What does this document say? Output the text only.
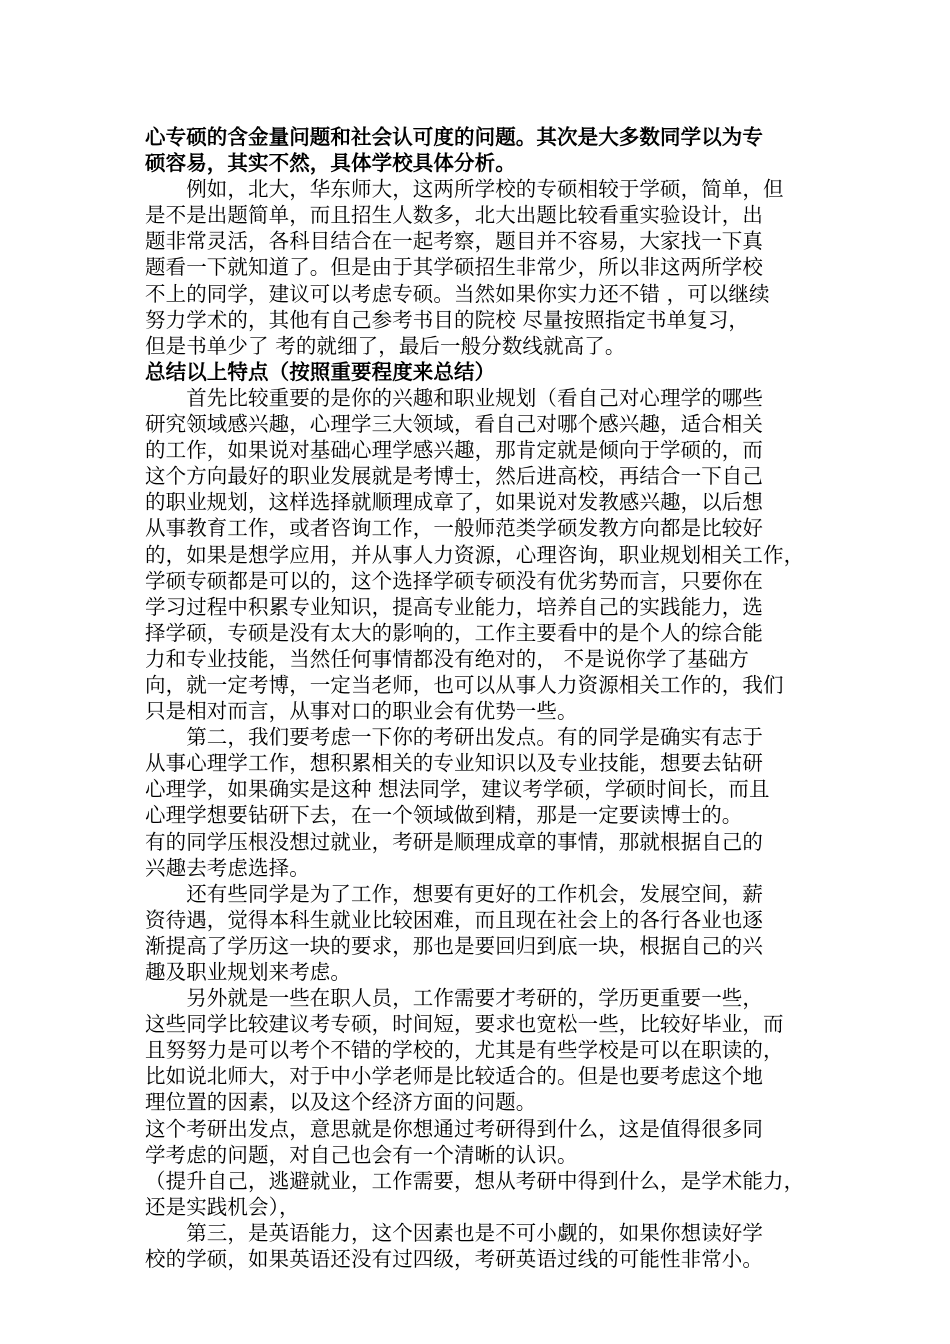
心专硕的含金量问题和社会认可度的问题。其次是大多数同学以为专
硕容易，其实不然，具体学校具体分析。
　　例如，北大，华东师大，这两所学校的专硕相较于学硕，简单，但
是不是出题简单，而且招生人数多，北大出题比较看重实验设计，出
题非常灵活，各科目结合在一起考察，题目并不容易，大家找一下真
题看一下就知道了。但是由于其学硕招生非常少，所以非这两所学校
不上的同学，建议可以考虑专硕。当然如果你实力还不错 ，可以继续
努力学术的，其他有自己参考书目的院校 尽量按照指定书单复习，
但是书单少了 考的就细了，最后一般分数线就高了。
总结以上特点（按照重要程度来总结）
　　首先比较重要的是你的兴趣和职业规划（看自己对心理学的哪些
研究领域感兴趣，心理学三大领域，看自己对哪个感兴趣，适合相关
的工作，如果说对基础心理学感兴趣，那肯定就是倾向于学硕的，而
这个方向最好的职业发展就是考博士，然后进高校，再结合一下自己
的职业规划，这样选择就顺理成章了，如果说对发教感兴趣，以后想
从事教育工作，或者咨询工作，一般师范类学硕发教方向都是比较好
的，如果是想学应用，并从事人力资源，心理咨询，职业规划相关工作，
学硕专硕都是可以的，这个选择学硕专硕没有优劣势而言，只要你在
学习过程中积累专业知识，提高专业能力，培养自己的实践能力，选
择学硕，专硕是没有太大的影响的，工作主要看中的是个人的综合能
力和专业技能，当然任何事情都没有绝对的， 不是说你学了基础方
向，就一定考博，一定当老师，也可以从事人力资源相关工作的，我们
只是相对而言，从事对口的职业会有优势一些。
　　第二，我们要考虑一下你的考研出发点。有的同学是确实有志于
从事心理学工作，想积累相关的专业知识以及专业技能，想要去钻研
心理学，如果确实是这种 想法同学，建议考学硕，学硕时间长，而且
心理学想要钻研下去，在一个领域做到精，那是一定要读博士的。
有的同学压根没想过就业，考研是顺理成章的事情，那就根据自己的
兴趣去考虑选择。
　　还有些同学是为了工作，想要有更好的工作机会，发展空间，薪
资待遇，觉得本科生就业比较困难，而且现在社会上的各行各业也逐
渐提高了学历这一块的要求，那也是要回归到底一块，根据自己的兴
趣及职业规划来考虑。
　　另外就是一些在职人员，工作需要才考研的，学历更重要一些，
这些同学比较建议考专硕，时间短，要求也宽松一些，比较好毕业，而
且努努力是可以考个不错的学校的，尤其是有些学校是可以在职读的，
比如说北师大，对于中小学老师是比较适合的。但是也要考虑这个地
理位置的因素，以及这个经济方面的问题。
这个考研出发点，意思就是你想通过考研得到什么，这是值得很多同
学考虑的问题，对自己也会有一个清晰的认识。
（提升自己，逃避就业，工作需要，想从考研中得到什么，是学术能力，
还是实践机会），
　　第三，是英语能力，这个因素也是不可小觑的，如果你想读好学
校的学硕，如果英语还没有过四级，考研英语过线的可能性非常小。
